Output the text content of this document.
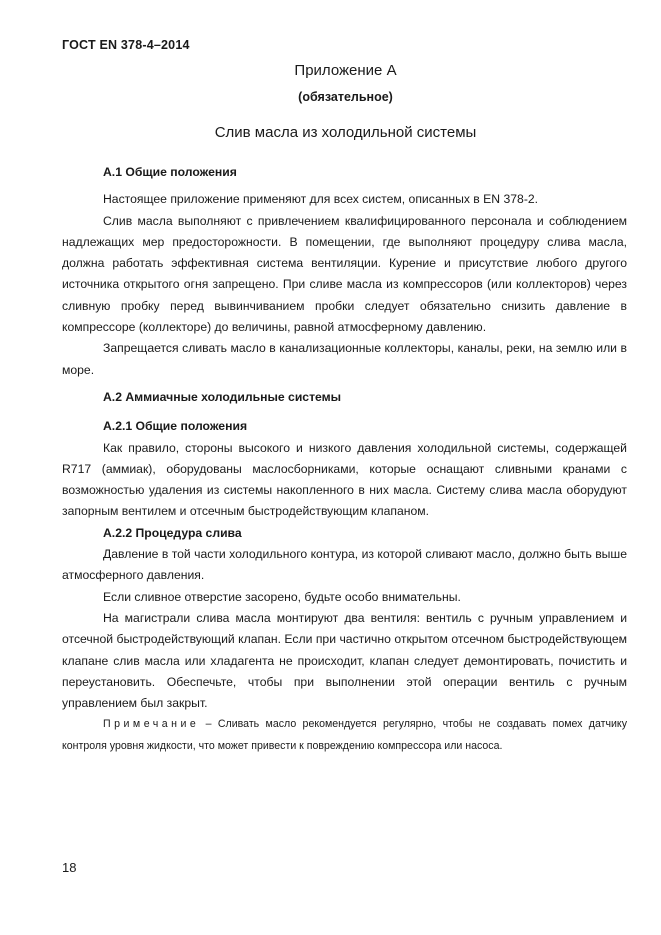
ГОСТ EN 378-4–2014
Приложение А
(обязательное)
Слив масла из холодильной системы
А.1 Общие положения

Настоящее приложение применяют для всех систем, описанных в EN 378-2.

Слив масла выполняют с привлечением квалифицированного персонала и соблюдением надлежащих мер предосторожности. В помещении, где выполняют процедуру слива масла, должна работать эффективная система вентиляции. Курение и присутствие любого другого источника открытого огня запрещено. При сливе масла из компрессоров (или коллекторов) через сливную пробку перед вывинчиванием пробки следует обязательно снизить давление в компрессоре (коллекторе) до величины, равной атмосферному давлению.

Запрещается сливать масло в канализационные коллекторы, каналы, реки, на землю или в море.

А.2 Аммиачные холодильные системы
А.2.1 Общие положения

Как правило, стороны высокого и низкого давления холодильной системы, содержащей R717 (аммиак), оборудованы маслосборниками, которые оснащают сливными кранами с возможностью удаления из системы накопленного в них масла. Систему слива масла оборудуют запорным вентилем и отсечным быстродействующим клапаном.

А.2.2 Процедура слива

Давление в той части холодильного контура, из которой сливают масло, должно быть выше атмосферного давления.

Если сливное отверстие засорено, будьте особо внимательны.

На магистрали слива масла монтируют два вентиля: вентиль с ручным управлением и отсечной быстродействующий клапан. Если при частично открытом отсечном быстродействующем клапане слив масла или хладагента не происходит, клапан следует демонтировать, почистить и переустановить. Обеспечьте, чтобы при выполнении этой операции вентиль с ручным управлением был закрыт.

Примечание – Сливать масло рекомендуется регулярно, чтобы не создавать помех датчику контроля уровня жидкости, что может привести к повреждению компрессора или насоса.

18
